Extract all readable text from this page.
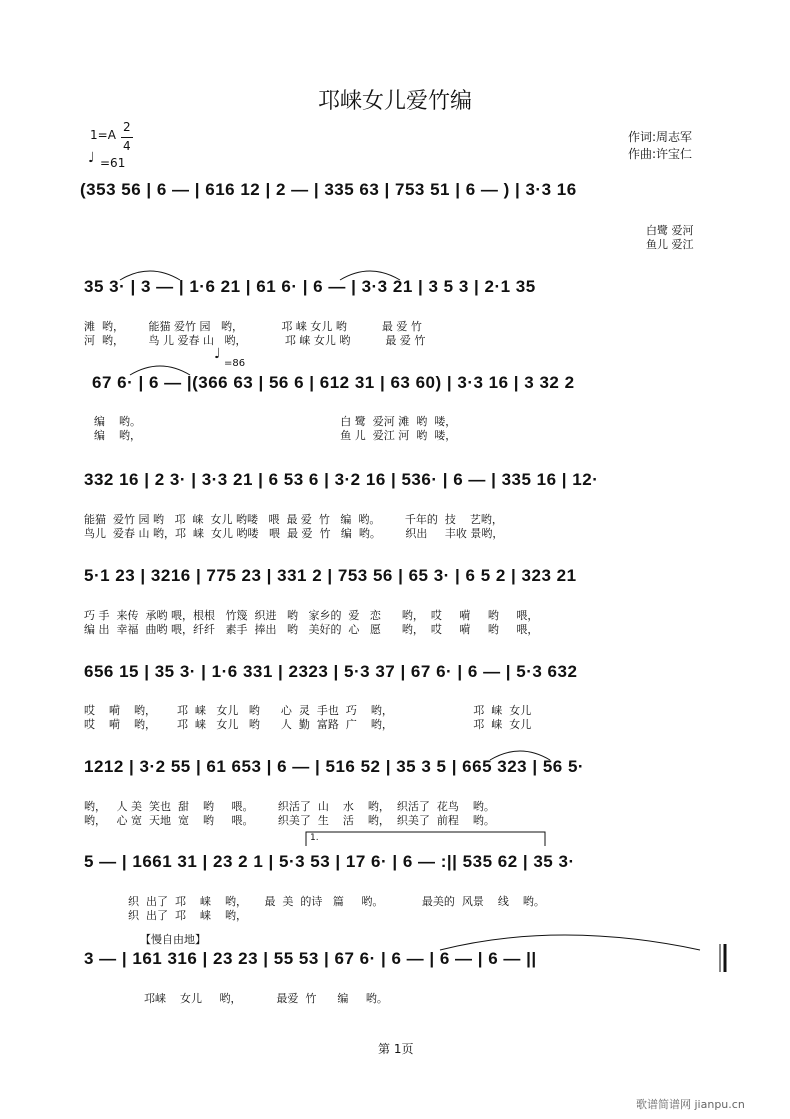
邛崃女儿爱竹编
1=A
2
4
♩ =61
作词:周志军
作曲:许宝仁
(353 56 | 6 — | 616 12 | 2 — | 335 63 | 753 51 | 6 — ) | 3·3 16
白鹭 爱河
鱼儿 爱江
35 3· | 3 — | 1·6 21 | 61 6· | 6 — | 3·3 21 | 3 5 3 | 2·1 35
滩  哟，       能猫 爱竹 园   哟，           邛 崃 女儿 哟          最 爱 竹
河  哟，       鸟 儿 爱春 山   哟，           邛 崃 女儿 哟          最 爱 竹
♩
=86
67 6· | 6 — |(366 63 | 56 6 | 612 31 | 63 60) | 3·3 16 | 3 32 2
编    哟。                                                         白 鹭  爱河 滩  哟  喽，
编    哟，                                                         鱼 儿  爱江 河  哟  喽，
332 16 | 2 3· | 3·3 21 | 6 53 6 | 3·2 16 | 536· | 6 — | 335 16 | 12·
能猫  爱竹 园 哟   邛  崃  女儿 哟喽   喂  最 爱  竹   编  哟。       千年的  技    艺哟，
鸟儿  爱春 山 哟，邛  崃  女儿 哟喽   喂  最 爱  竹   编  哟。       织出     丰收 景哟，
5·1 23 | 3216 | 775 23 | 331 2 | 753 56 | 65 3· | 6 5 2 | 323 21
巧 手  来传  承哟 喂，根根   竹篾  织进   哟   家乡的  爱   恋      哟，  哎     嗬     哟     喂，
编 出  幸福  曲哟 喂，纤纤   素手  捧出   哟   美好的  心   愿      哟，  哎     嗬     哟     喂，
656 15 | 35 3· | 1·6 331 | 2323 | 5·3 37 | 67 6· | 6 — | 5·3 632
哎    嗬    哟，      邛  崃   女儿   哟      心  灵  手也  巧    哟，                       邛  崃  女儿
哎    嗬    哟，      邛  崃   女儿   哟      人  勤  富路  广    哟，                       邛  崃  女儿
1212 | 3·2 55 | 61 653 | 6 — | 516 52 | 35 3 5 | 665 323 | 56 5·
哟，   人 美  笑也  甜    哟     喂。       织活了  山    水    哟，  织活了  花鸟    哟。
哟，   心 宽  天地  宽    哟     喂。       织美了  生    活    哟，  织美了  前程    哟。
1.
5 — | 1661 31 | 23 2 1 | 5·3 53 | 17 6· | 6 — :|| 535 62 | 35 3·
织  出了  邛    崃    哟，     最  美  的诗   篇     哟。           最美的  风景    线    哟。
织  出了  邛    崃    哟，
【慢自由地】
3 — | 161 316 | 23 23 | 55 53 | 67 6· | 6 — | 6 — | 6 — ||
邛崃    女儿     哟，          最爱  竹      编     哟。
第 1页
歌谱简谱网 jianpu.cn
